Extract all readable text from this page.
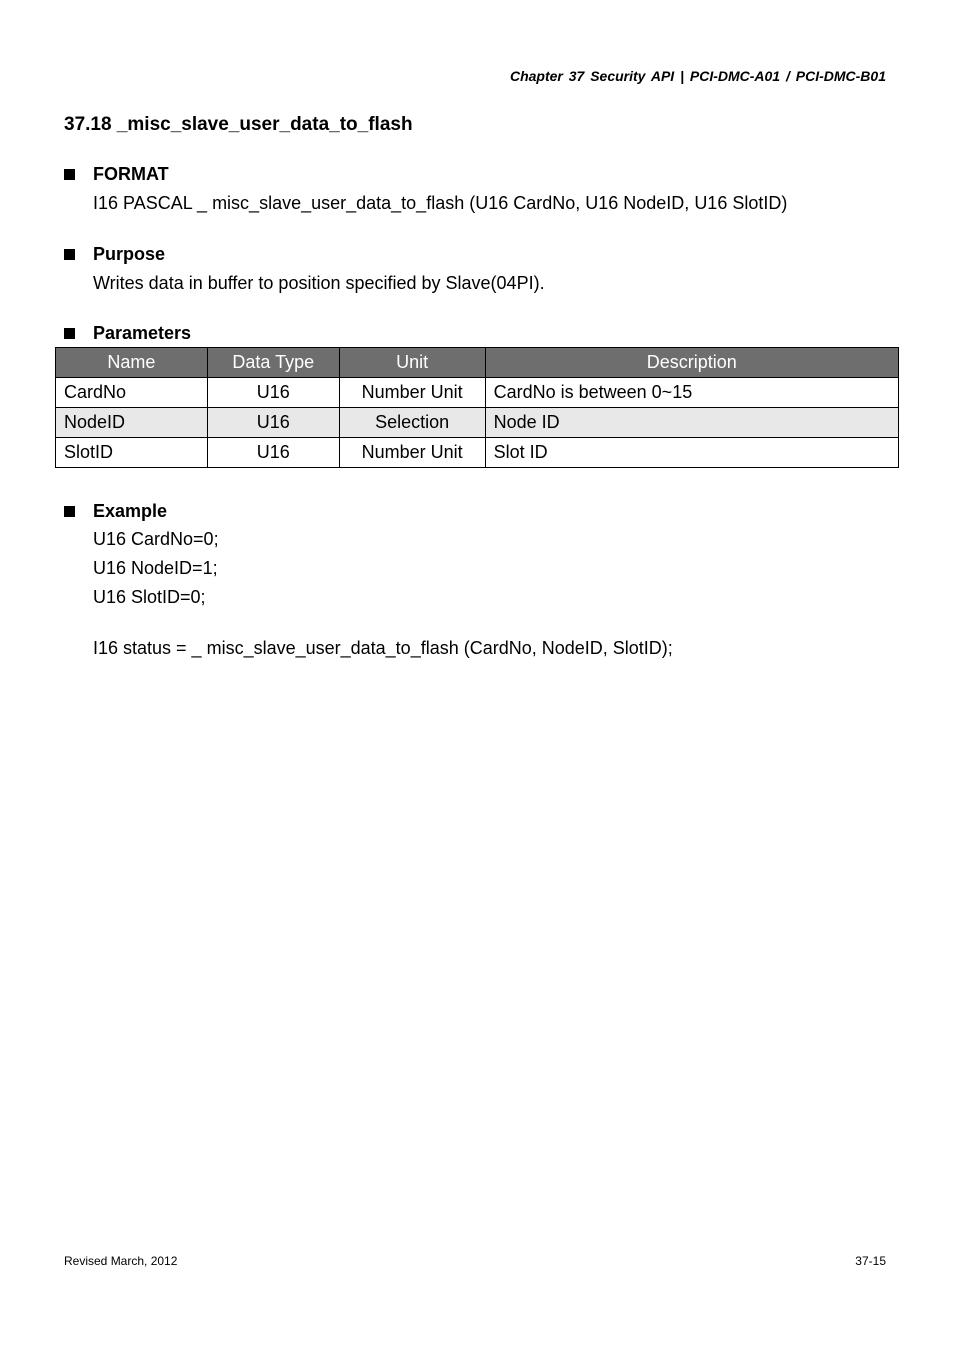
Chapter 37 Security API | PCI-DMC-A01 / PCI-DMC-B01
37.18 _misc_slave_user_data_to_flash
FORMAT
I16 PASCAL _ misc_slave_user_data_to_flash (U16 CardNo, U16 NodeID, U16 SlotID)
Purpose
Writes data in buffer to position specified by Slave(04PI).
Parameters
Name	Data Type	Unit	Description
CardNo	U16	Number Unit	CardNo is between 0~15
NodeID	U16	Selection	Node ID
SlotID	U16	Number Unit	Slot ID
Example
U16 CardNo=0;
U16 NodeID=1;
U16 SlotID=0;
I16 status = _ misc_slave_user_data_to_flash (CardNo, NodeID, SlotID);
Revised March, 2012	37-15
